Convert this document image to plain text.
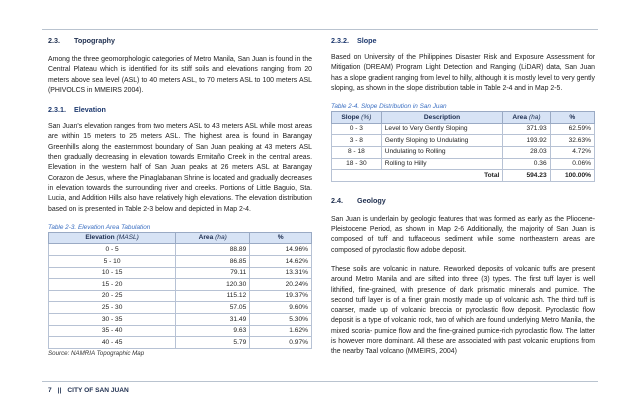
2.3. Topography

Among the three geomorphologic categories of Metro Manila, San Juan is found in the Central Plateau which is identified for its stiff soils and elevations ranging from 20 meters above sea level (ASL) to 40 meters ASL, to 70 meters ASL to 100 meters ASL (PHIVOLCS in MMEIRS 2004).

2.3.1. Elevation

San Juan's elevation ranges from two meters ASL to 43 meters ASL while most areas are within 15 meters to 25 meters ASL. The highest area is found in Barangay Greenhills along the easternmost boundary of San Juan peaking at 43 meters ASL then gradually decreasing in elevation towards Ermitaño Creek in the central areas. Elevation in the western half of San Juan peaks at 26 meters ASL at Barangay Corazon de Jesus, where the Pinaglabanan Shrine is located and gradually decreases in elevation towards the surrounding river and creeks. Portions of Little Baguio, Sta. Lucia, and Addition Hills also have relatively high elevations. The elevation distribution based on is presented in Table 2-3 below and depicted in Map 2-4.

Table 2-3. Elevation Area Tabulation
Elevation (MASL)	Area (ha)	%
0 - 5	88.89	14.96%
5 - 10	86.85	14.62%
10 - 15	79.11	13.31%
15 - 20	120.30	20.24%
20 - 25	115.12	19.37%
25 - 30	57.05	9.60%
30 - 35	31.49	5.30%
35 - 40	9.63	1.62%
40 - 45	5.79	0.97%
Source: NAMRIA Topographic Map
2.3.2. Slope

Based on University of the Philippines Disaster Risk and Exposure Assessment for Mitigation (DREAM) Program Light Detection and Ranging (LiDAR) data, San Juan has a slope gradient ranging from level to hilly, although it is mostly level to very gently sloping, as shown in the slope distribution table in Table 2-4 and in Map 2-5.

Table 2-4. Slope Distribution in San Juan
Slope (%)	Description	Area (ha)	%
0 - 3	Level to Very Gently Sloping	371.93	62.59%
3 - 8	Gently Sloping to Undulating	193.92	32.63%
8 - 18	Undulating to Rolling	28.03	4.72%
18 - 30	Rolling to Hilly	0.36	0.06%
Total		594.23	100.00%
2.4. Geology

San Juan is underlain by geologic features that was formed as early as the Pliocene-Pleistocene Period, as shown in Map 2-6 Additionally, the majority of San Juan is composed of tuff and tuffaceous sediment while some northeastern areas are composed of pyroclastic flow adobe deposit.

These soils are volcanic in nature. Reworked deposits of volcanic tuffs are present around Metro Manila and are sifted into three (3) types. The first tuff layer is well lithified, fine-grained, with presence of dark prismatic minerals and pumice. The second tuff layer is of a finer grain mostly made up of volcanic ash. The third tuff is coarser, made up of volcanic breccia or pyroclastic flow deposit. Pyroclastic flow deposit is a type of volcanic rock, two of which are found underlying Metro Manila, the mixed scoria- pumice flow and the fine-grained pumice-rich pyroclastic flow. The latter is however more dominant. All these are associated with past volcanic eruptions from the nearby Taal volcano (MMEIRS, 2004)

7 || CITY OF SAN JUAN
